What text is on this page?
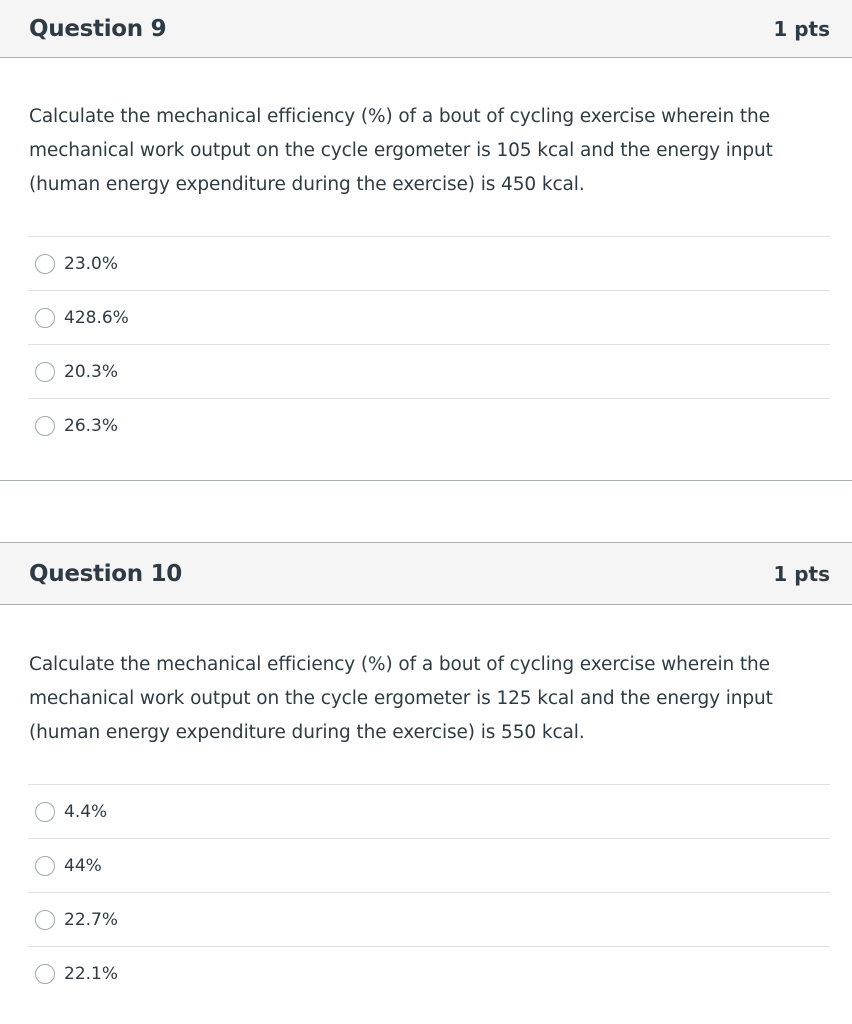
Question 9	1 pts
Calculate the mechanical efficiency (%) of a bout of cycling exercise wherein the mechanical work output on the cycle ergometer is 105 kcal and the energy input (human energy expenditure during the exercise) is 450 kcal.
23.0%
428.6%
20.3%
26.3%
Question 10	1 pts
Calculate the mechanical efficiency (%) of a bout of cycling exercise wherein the mechanical work output on the cycle ergometer is 125 kcal and the energy input (human energy expenditure during the exercise) is 550 kcal.
4.4%
44%
22.7%
22.1%
